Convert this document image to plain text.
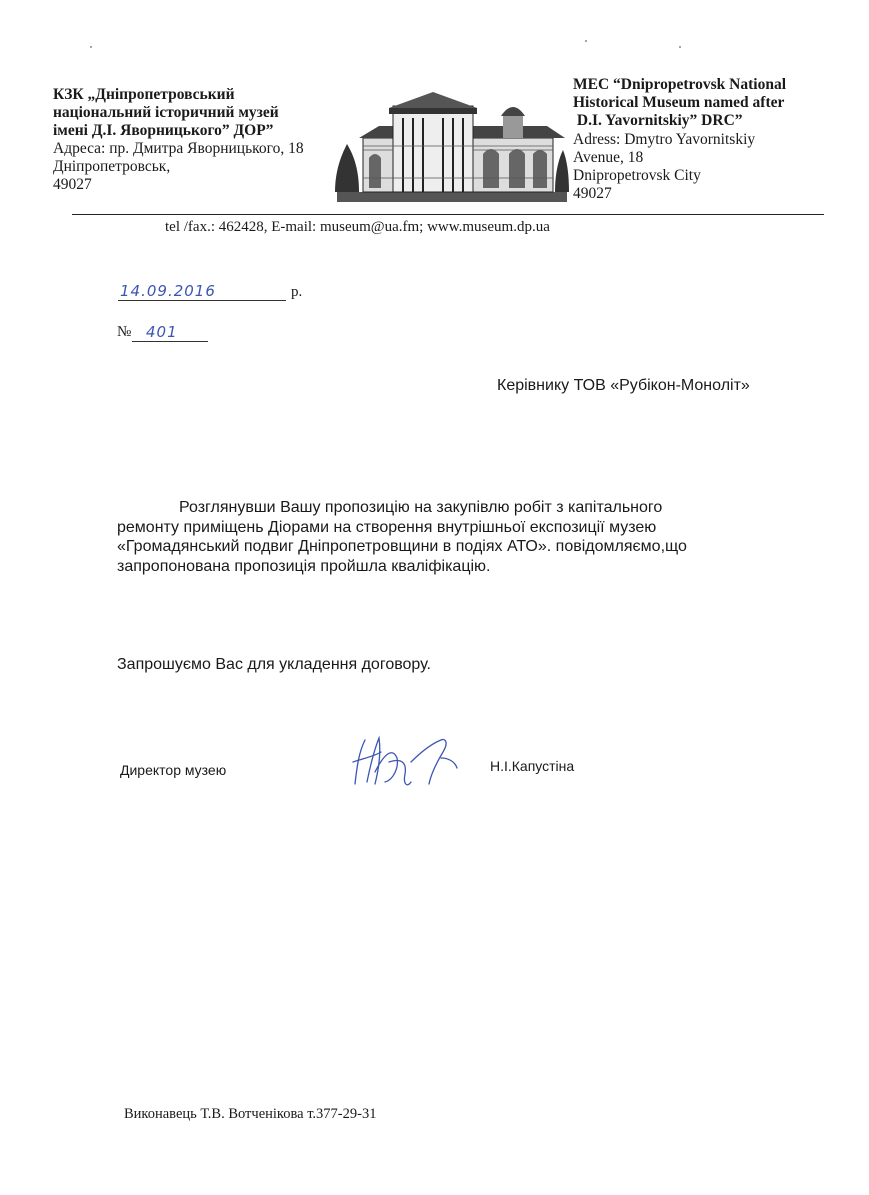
КЗК „Дніпропетровський
національний історичний музей
імені Д.І. Яворницького” ДОР”
Адреса: пр. Дмитра Яворницького, 18
Дніпропетровськ,
49027
MEC “Dnipropetrovsk National
Historical Museum named after
D.I. Yavornitskiy” DRC”
Adress: Dmytro Yavornitskiy
Avenue, 18
Dnipropetrovsk City
49027
tel /fax.: 462428, E-mail: museum@ua.fm; www.museum.dp.ua
14.09.2016	р.
№ 401
Керівнику ТОВ «Рубікон-Моноліт»

Розглянувши Вашу пропозицію на закупівлю робіт з капітального

ремонту приміщень Діорами на створення внутрішньої експозиції музею
«Громадянський подвиг Дніпропетровщини в подіях АТО». повідомляємо,що
запропонована пропозиція пройшла кваліфікацію.
Запрошуємо Вас для укладення договору.
Директор музею	Н.І.Капустіна
Виконавець Т.В. Вотченікова т.377-29-31
